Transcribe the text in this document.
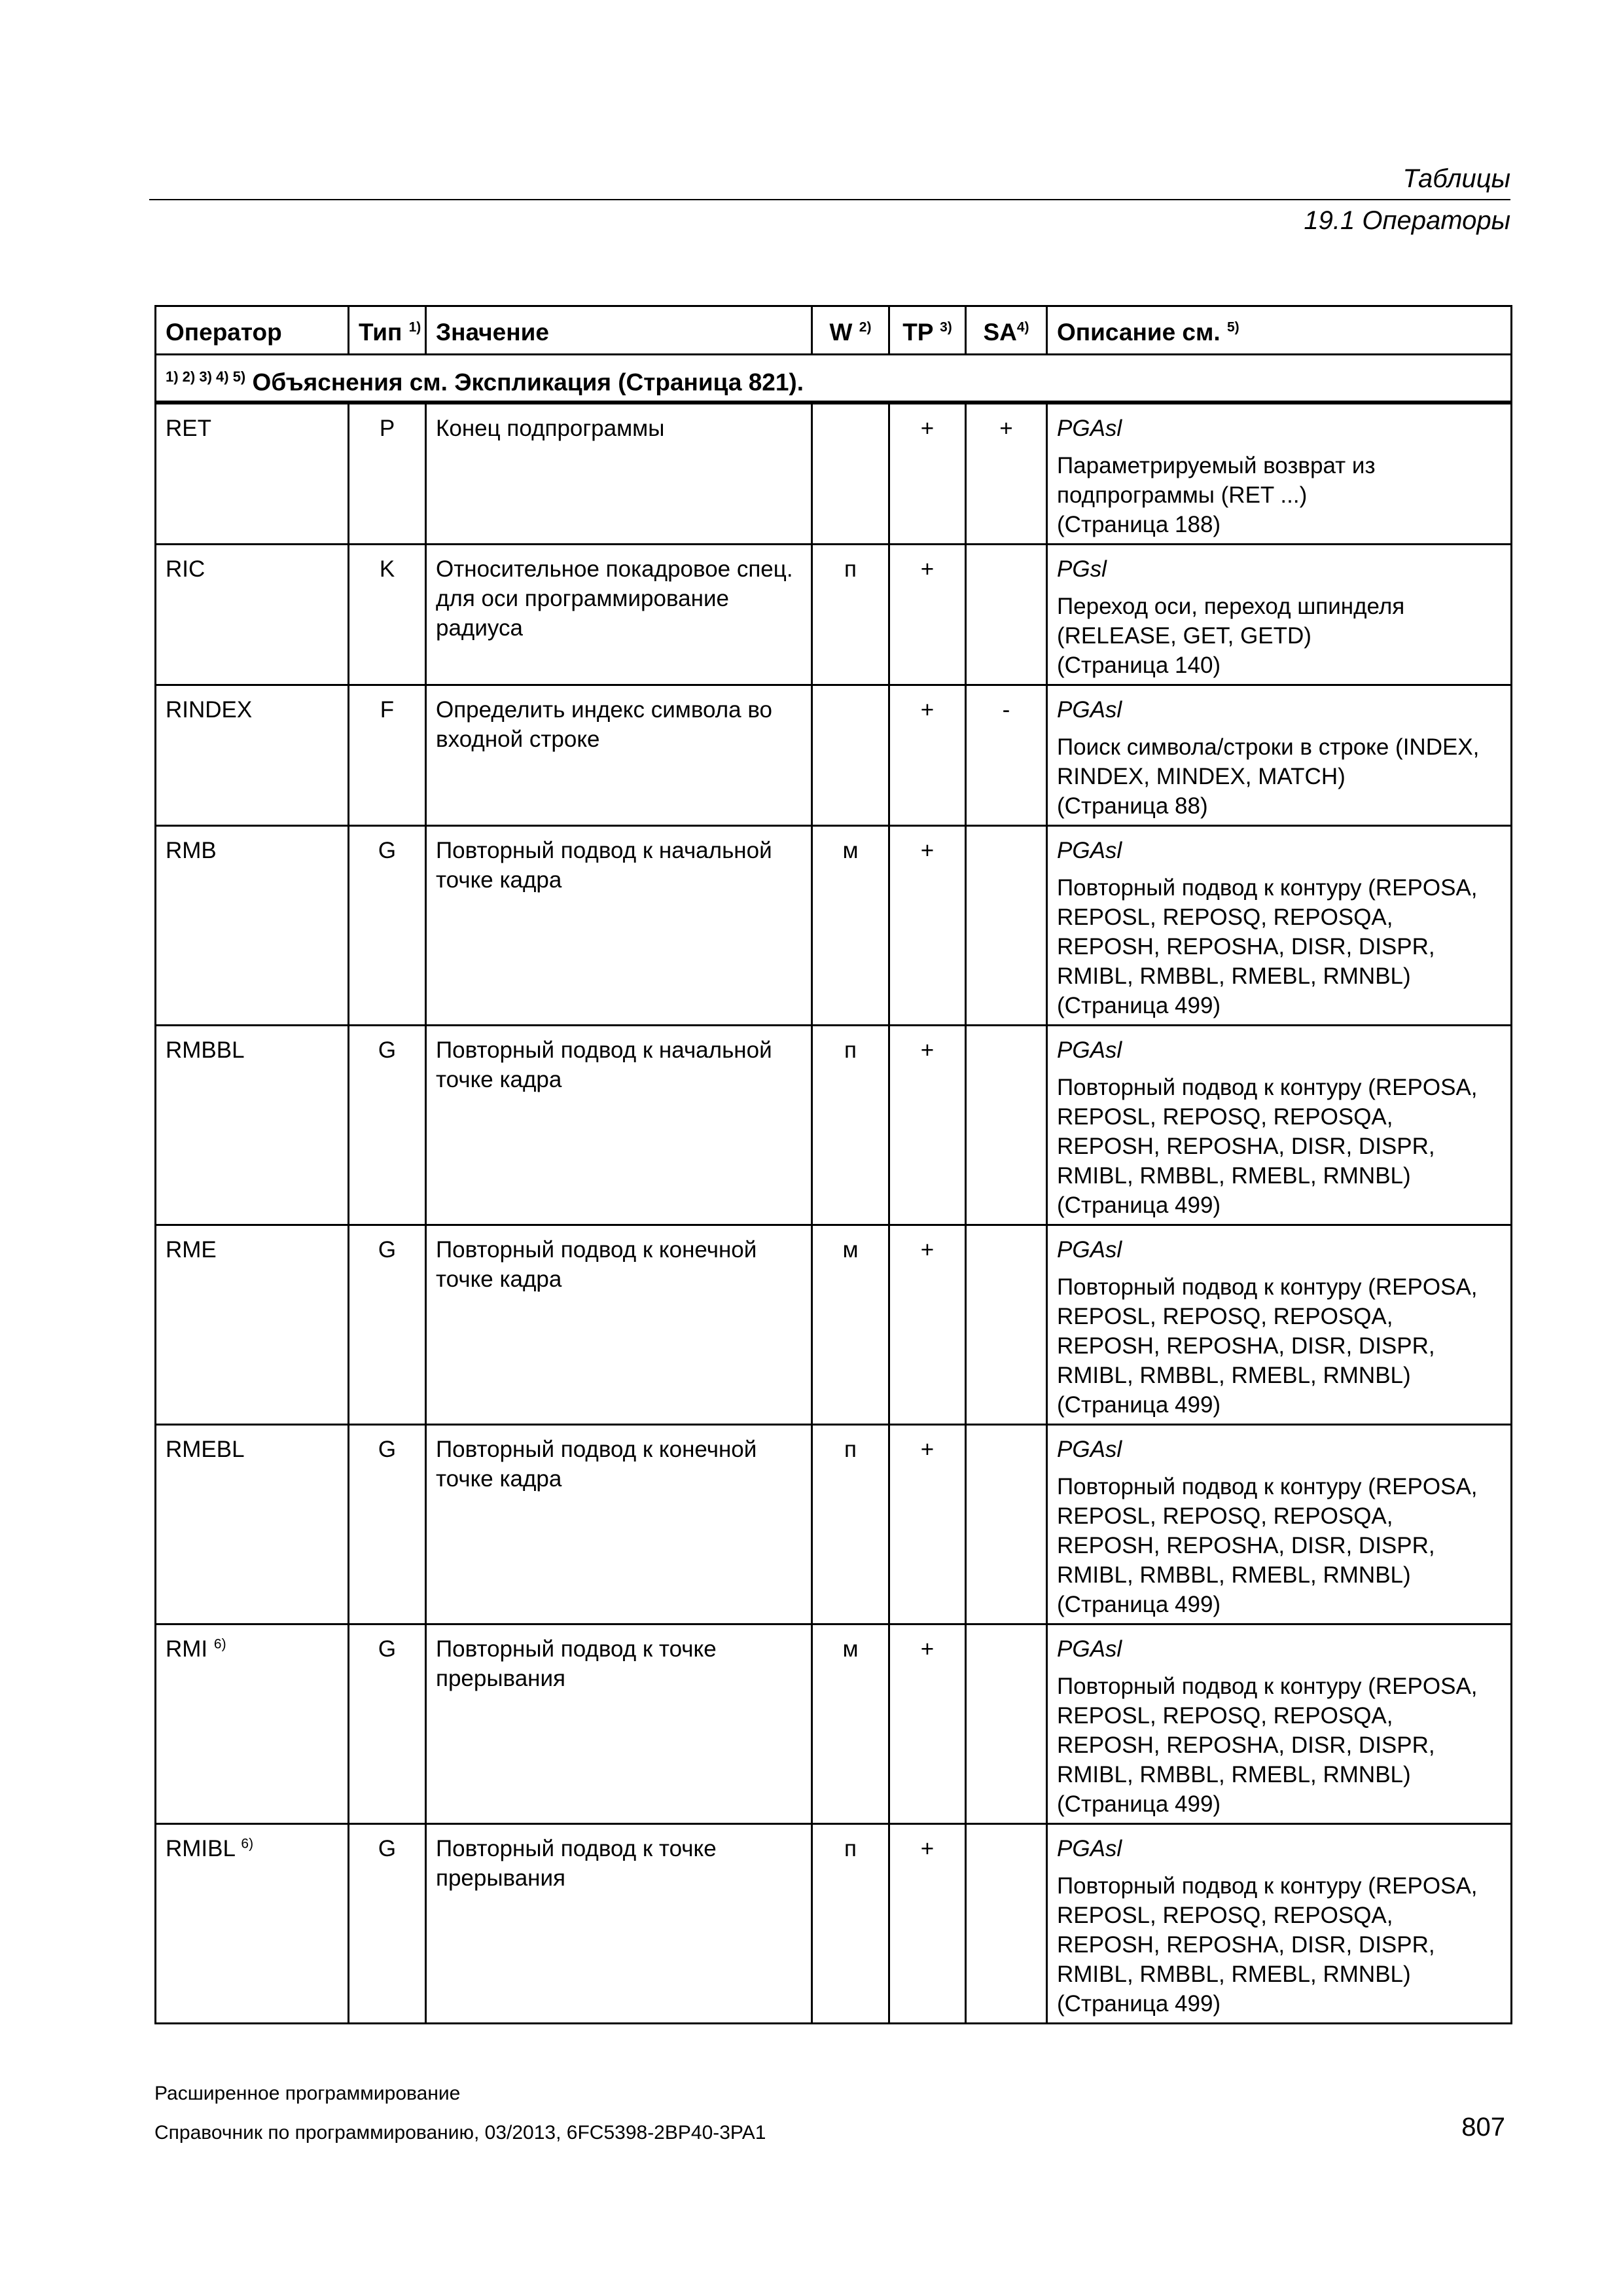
Таблицы
19.1 Операторы
Оператор	Тип $^{1)}$	Значение	W $^{2)}$	TP $^{3)}$	SA$^{4)}$	Описание см. $^{5)}$
$^{1) 2) 3) 4) 5)}$ Объяснения см. Экспликация (Страница 821).						
RET	P	Конец подпрограммы		+	+	PGAsl
Параметрируемый возврат из подпрограммы (RET ...)
(Страница 188)

RIC	K	Относительное покадровое спец. для оси программирование радиуса	п	+		PGsl
Переход оси, переход шпинделя (RELEASE, GET, GETD)
(Страница 140)

RINDEX	F	Определить индекс символа во входной строке		+	-	PGAsl
Поиск символа/строки в строке (INDEX, RINDEX, MINDEX, MATCH)
(Страница 88)

RMB	G	Повторный подвод к начальной точке кадра	м	+		PGAsl
Повторный подвод к контуру (REPOSA, REPOSL, REPOSQ, REPOSQA, REPOSH, REPOSHA, DISR, DISPR, RMIBL, RMBBL, RMEBL, RMNBL)  (Страница 499)

RMBBL	G	Повторный подвод к начальной точке кадра	п	+		PGAsl
Повторный подвод к контуру (REPOSA, REPOSL, REPOSQ, REPOSQA, REPOSH, REPOSHA, DISR, DISPR, RMIBL, RMBBL, RMEBL, RMNBL)  (Страница 499)

RME	G	Повторный подвод к конечной точке кадра	м	+		PGAsl
Повторный подвод к контуру (REPOSA, REPOSL, REPOSQ, REPOSQA, REPOSH, REPOSHA, DISR, DISPR, RMIBL, RMBBL, RMEBL, RMNBL)  (Страница 499)

RMEBL	G	Повторный подвод к конечной точке кадра	п	+		PGAsl
Повторный подвод к контуру (REPOSA, REPOSL, REPOSQ, REPOSQA, REPOSH, REPOSHA, DISR, DISPR, RMIBL, RMBBL, RMEBL, RMNBL)  (Страница 499)

RMI $^{6)}$	G	Повторный подвод к точке прерывания	м	+		PGAsl
Повторный подвод к контуру (REPOSA, REPOSL, REPOSQ, REPOSQA, REPOSH, REPOSHA, DISR, DISPR, RMIBL, RMBBL, RMEBL, RMNBL)  (Страница 499)

RMIBL $^{6)}$	G	Повторный подвод к точке прерывания	п	+		PGAsl
Повторный подвод к контуру (REPOSA, REPOSL, REPOSQ, REPOSQA, REPOSH, REPOSHA, DISR, DISPR, RMIBL, RMBBL, RMEBL, RMNBL)  (Страница 499)
Расширенное программирование
Справочник по программированию, 03/2013, 6FC5398-2BP40-3PA1	807
